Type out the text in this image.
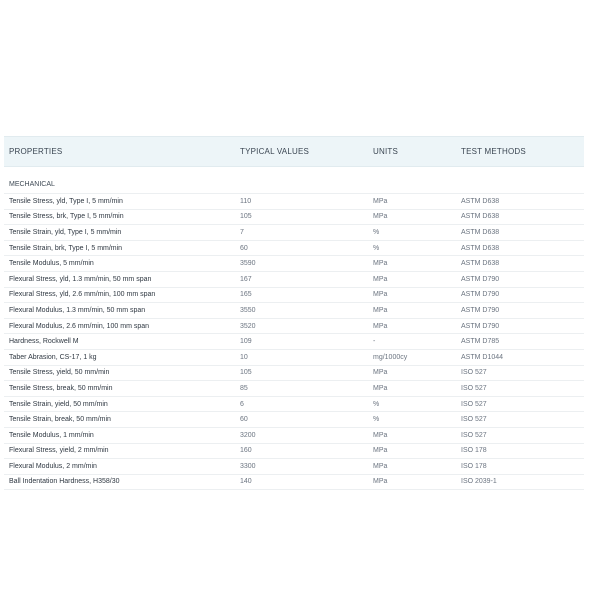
PROPERTIES	TYPICAL VALUES	UNITS	TEST METHODS
MECHANICAL
Tensile Stress, yld, Type I, 5 mm/min	110	MPa	ASTM D638
Tensile Stress, brk, Type I, 5 mm/min	105	MPa	ASTM D638
Tensile Strain, yld, Type I, 5 mm/min	7	%	ASTM D638
Tensile Strain, brk, Type I, 5 mm/min	60	%	ASTM D638
Tensile Modulus, 5 mm/min	3590	MPa	ASTM D638
Flexural Stress, yld, 1.3 mm/min, 50 mm span	167	MPa	ASTM D790
Flexural Stress, yld, 2.6 mm/min, 100 mm span	165	MPa	ASTM D790
Flexural Modulus, 1.3 mm/min, 50 mm span	3550	MPa	ASTM D790
Flexural Modulus, 2.6 mm/min, 100 mm span	3520	MPa	ASTM D790
Hardness, Rockwell M	109	-	ASTM D785
Taber Abrasion, CS-17, 1 kg	10	mg/1000cy	ASTM D1044
Tensile Stress, yield, 50 mm/min	105	MPa	ISO 527
Tensile Stress, break, 50 mm/min	85	MPa	ISO 527
Tensile Strain, yield, 50 mm/min	6	%	ISO 527
Tensile Strain, break, 50 mm/min	60	%	ISO 527
Tensile Modulus, 1 mm/min	3200	MPa	ISO 527
Flexural Stress, yield, 2 mm/min	160	MPa	ISO 178
Flexural Modulus, 2 mm/min	3300	MPa	ISO 178
Ball Indentation Hardness, H358/30	140	MPa	ISO 2039-1
